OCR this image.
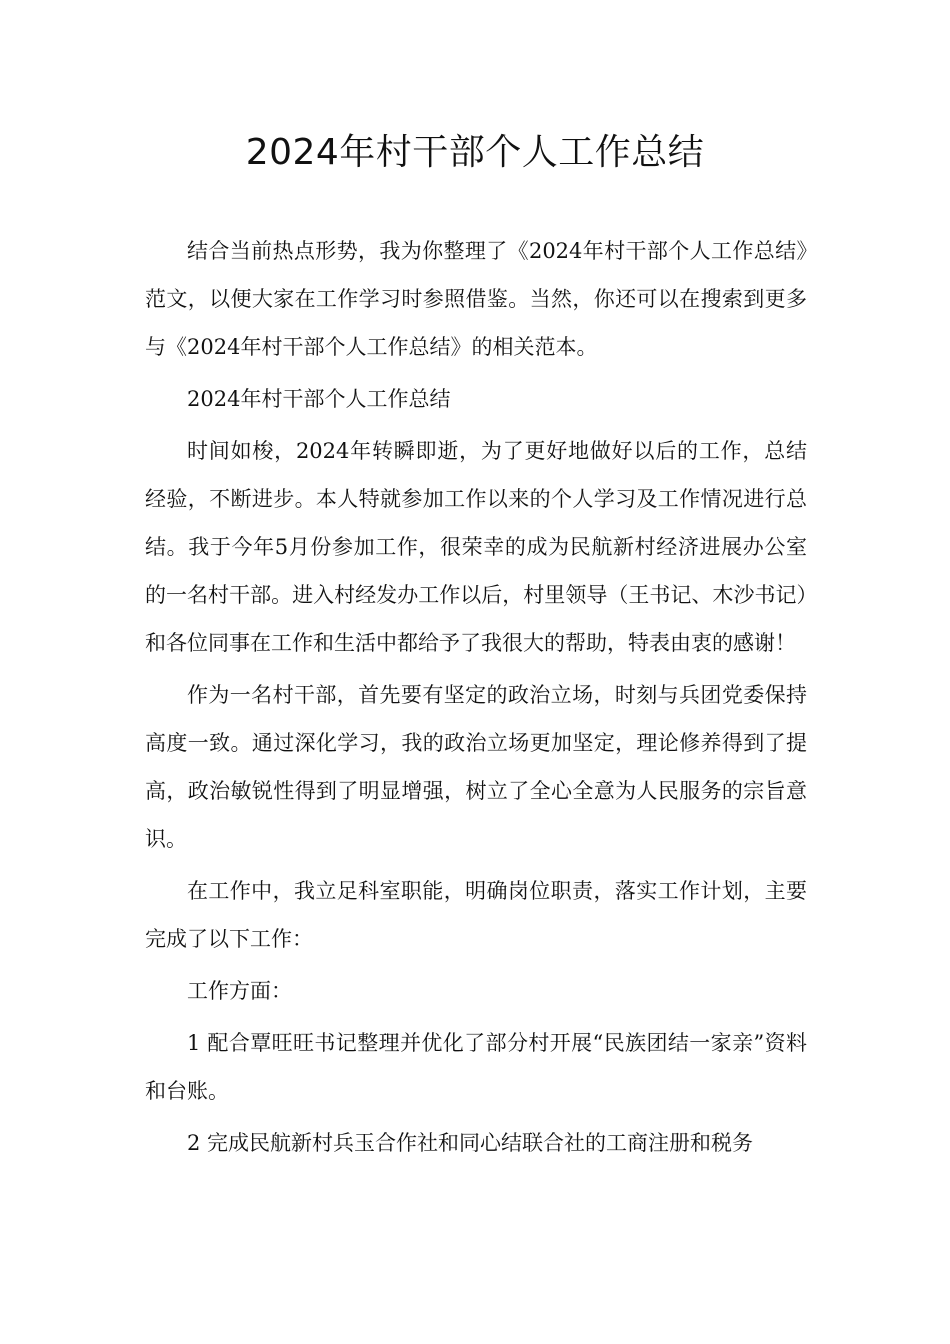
2024年村干部个人工作总结

结合当前热点形势，我为你整理了《2024年村干部个人工作总结》范文，以便大家在工作学习时参照借鉴。当然，你还可以在搜索到更多与《2024年村干部个人工作总结》的相关范本。

2024年村干部个人工作总结

时间如梭，2024年转瞬即逝，为了更好地做好以后的工作，总结经验，不断进步。本人特就参加工作以来的个人学习及工作情况进行总结。我于今年5月份参加工作，很荣幸的成为民航新村经济进展办公室的一名村干部。进入村经发办工作以后，村里领导（王书记、木沙书记）和各位同事在工作和生活中都给予了我很大的帮助，特表由衷的感谢！

作为一名村干部，首先要有坚定的政治立场，时刻与兵团党委保持高度一致。通过深化学习，我的政治立场更加坚定，理论修养得到了提高，政治敏锐性得到了明显增强，树立了全心全意为人民服务的宗旨意识。

在工作中，我立足科室职能，明确岗位职责，落实工作计划，主要完成了以下工作：

工作方面：

1 配合覃旺旺书记整理并优化了部分村开展“民族团结一家亲”资料和台账。

2 完成民航新村兵玉合作社和同心结联合社的工商注册和税务
